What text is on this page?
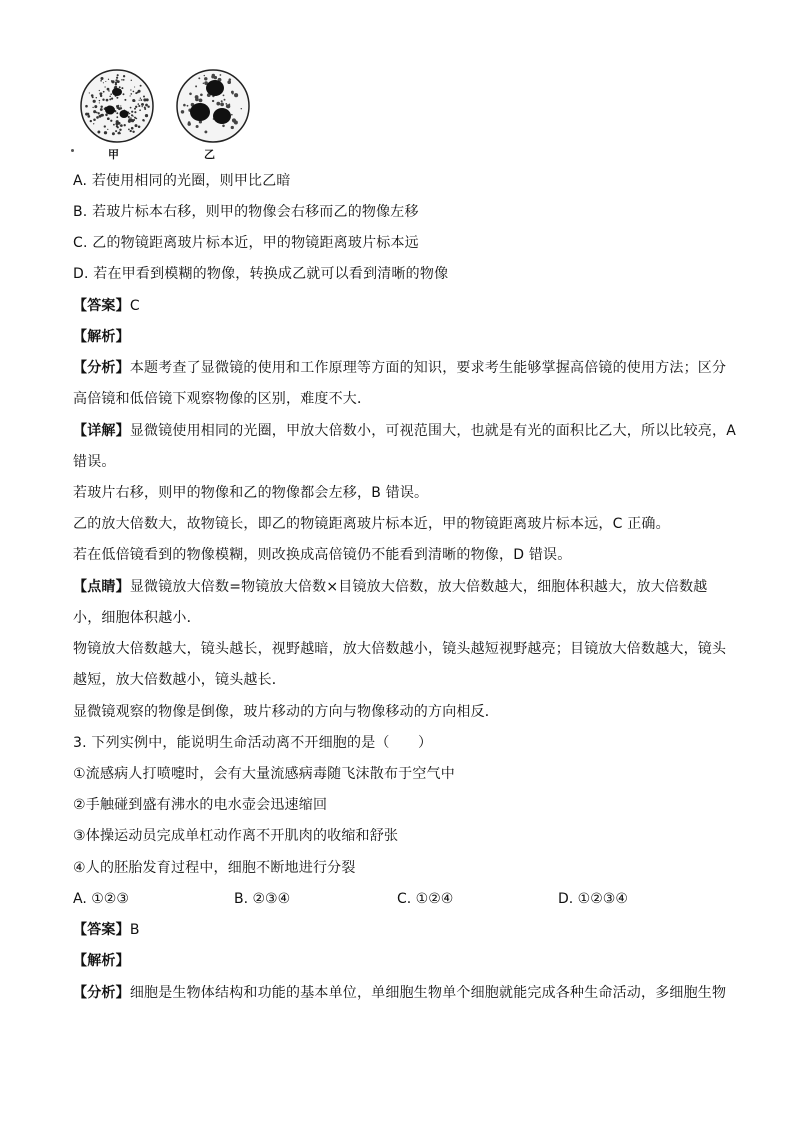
甲	乙
A. 若使用相同的光圈，则甲比乙暗
B. 若玻片标本右移，则甲的物像会右移而乙的物像左移
C. 乙的物镜距离玻片标本近，甲的物镜距离玻片标本远
D. 若在甲看到模糊的物像，转换成乙就可以看到清晰的物像
【答案】C
【解析】
【分析】本题考查了显微镜的使用和工作原理等方面的知识，要求考生能够掌握高倍镜的使用方法；区分
高倍镜和低倍镜下观察物像的区别，难度不大．
【详解】显微镜使用相同的光圈，甲放大倍数小，可视范围大，也就是有光的面积比乙大，所以比较亮，A
错误。
若玻片右移，则甲的物像和乙的物像都会左移，B 错误。
乙的放大倍数大，故物镜长，即乙的物镜距离玻片标本近，甲的物镜距离玻片标本远，C 正确。
若在低倍镜看到的物像模糊，则改换成高倍镜仍不能看到清晰的物像，D 错误。
【点睛】显微镜放大倍数=物镜放大倍数×目镜放大倍数，放大倍数越大，细胞体积越大，放大倍数越
小，细胞体积越小．
物镜放大倍数越大，镜头越长，视野越暗，放大倍数越小，镜头越短视野越亮；目镜放大倍数越大，镜头
越短，放大倍数越小，镜头越长．
显微镜观察的物像是倒像，玻片移动的方向与物像移动的方向相反．
3. 下列实例中，能说明生命活动离不开细胞的是（　　）
①流感病人打喷嚏时，会有大量流感病毒随飞沫散布于空气中
②手触碰到盛有沸水的电水壶会迅速缩回
③体操运动员完成单杠动作离不开肌肉的收缩和舒张
④人的胚胎发育过程中，细胞不断地进行分裂
A. ①②③	B. ②③④	C. ①②④	D. ①②③④
【答案】B
【解析】
【分析】细胞是生物体结构和功能的基本单位，单细胞生物单个细胞就能完成各种生命活动，多细胞生物
